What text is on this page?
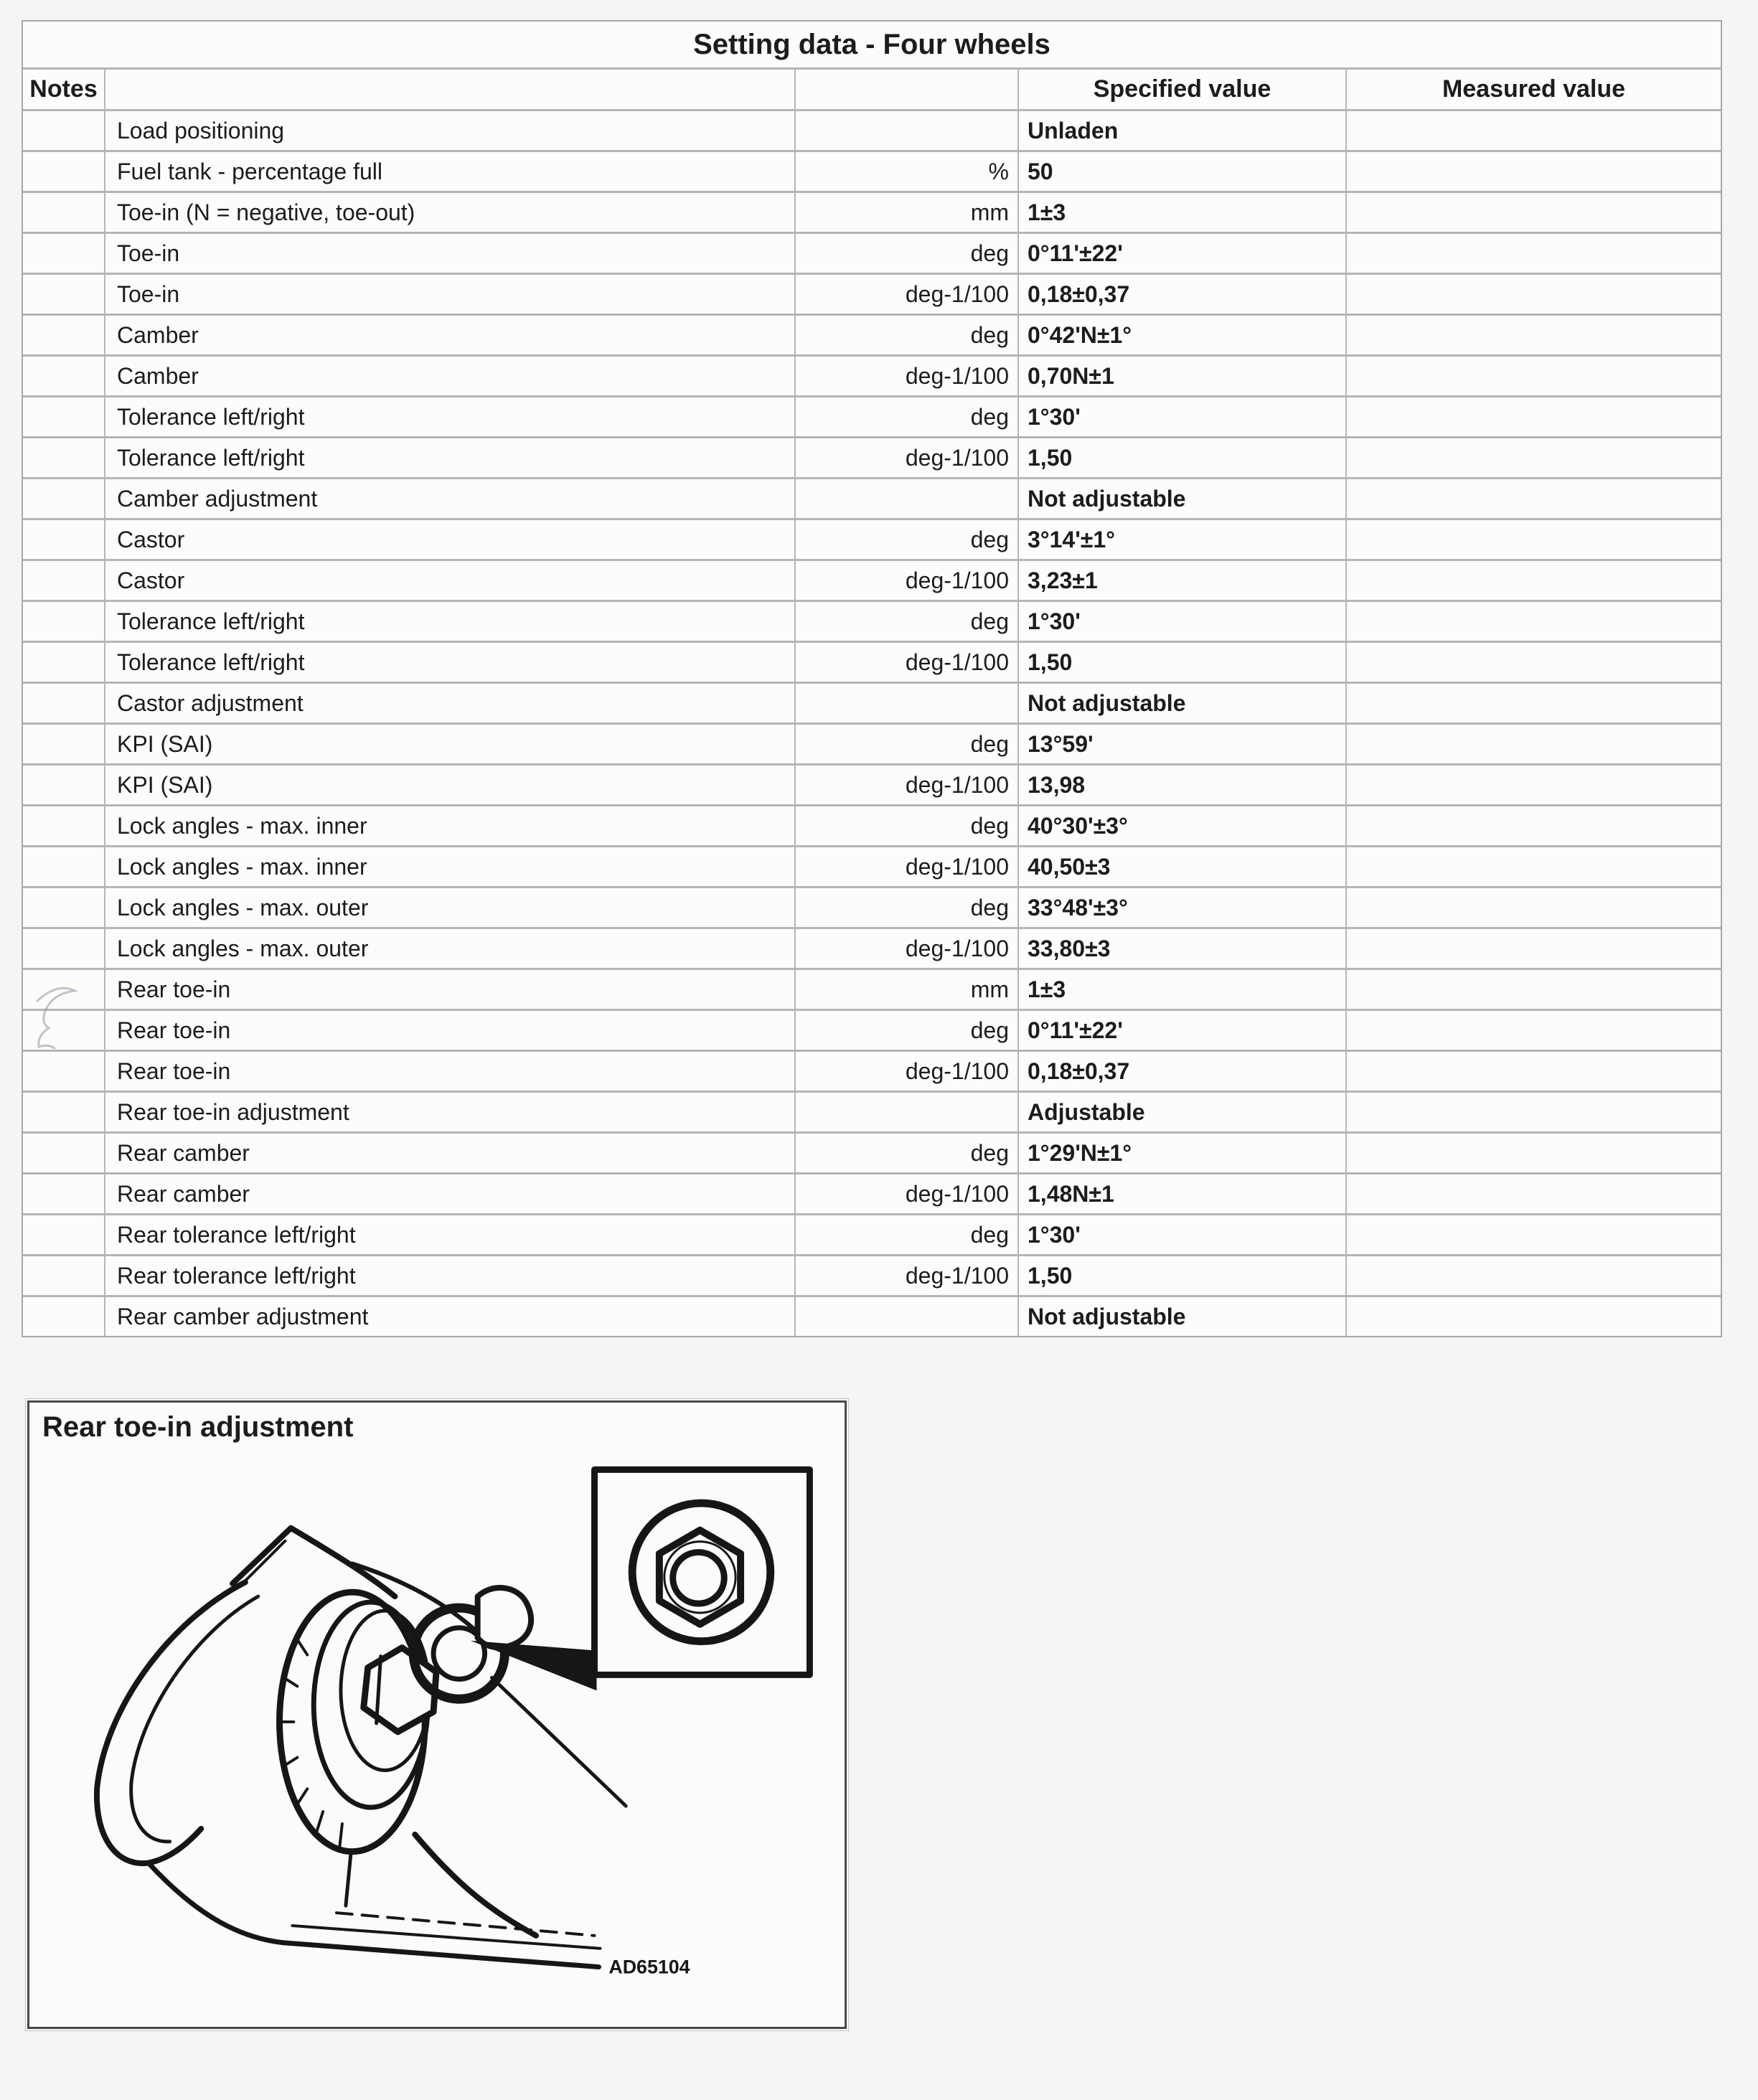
Setting data - Four wheels
Notes	Specified value	Measured value
Load positioning	Unladen
Fuel tank - percentage full	% 50
Toe-in (N = negative, toe-out)	mm 1±3
Toe-in	deg 0°11'±22'
Toe-in	deg-1/100 0,18±0,37
Camber	deg 0°42'N±1°
Camber	deg-1/100 0,70N±1
Tolerance left/right	deg 1°30'
Tolerance left/right	deg-1/100 1,50
Camber adjustment	Not adjustable
Castor	deg 3°14'±1°
Castor	deg-1/100 3,23±1
Tolerance left/right	deg 1°30'
Tolerance left/right	deg-1/100 1,50
Castor adjustment	Not adjustable
KPI (SAI)	deg 13°59'
KPI (SAI)	deg-1/100 13,98
Lock angles - max. inner	deg 40°30'±3°
Lock angles - max. inner	deg-1/100 40,50±3
Lock angles - max. outer	deg 33°48'±3°
Lock angles - max. outer	deg-1/100 33,80±3
Rear toe-in	mm 1±3
Rear toe-in	deg 0°11'±22'
Rear toe-in	deg-1/100 0,18±0,37
Rear toe-in adjustment	Adjustable
Rear camber	deg 1°29'N±1°
Rear camber	deg-1/100 1,48N±1
Rear tolerance left/right	deg 1°30'
Rear tolerance left/right	deg-1/100 1,50
Rear camber adjustment	Not adjustable
Rear toe-in adjustment
AD65104
